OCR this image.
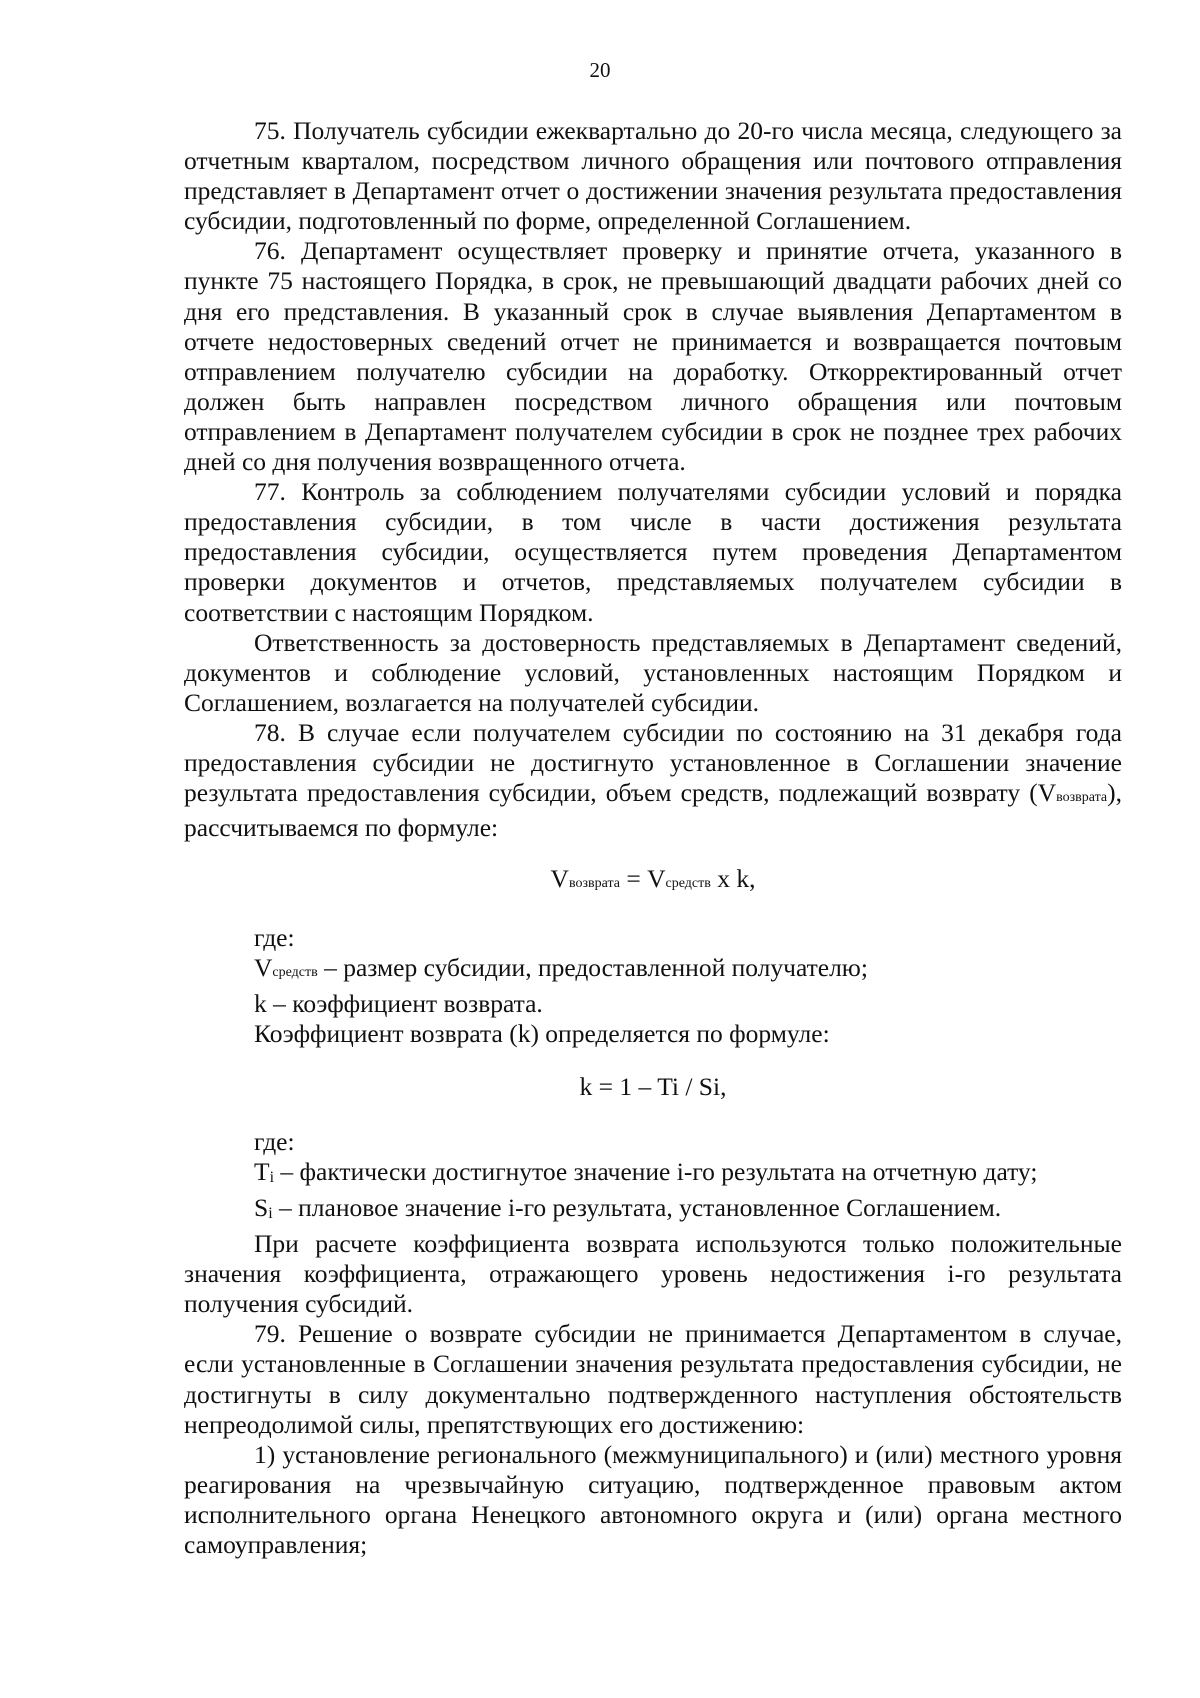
20

75. Получатель субсидии ежеквартально до 20-го числа месяца, следующего за отчетным кварталом, посредством личного обращения или почтового отправления представляет в Департамент отчет о достижении значения результата предоставления субсидии, подготовленный по форме, определенной Соглашением.

76. Департамент осуществляет проверку и принятие отчета, указанного в пункте 75 настоящего Порядка, в срок, не превышающий двадцати рабочих дней со дня его представления. В указанный срок в случае выявления Департаментом в отчете недостоверных сведений отчет не принимается и возвращается почтовым отправлением получателю субсидии на доработку. Откорректированный отчет должен быть направлен посредством личного обращения или почтовым отправлением в Департамент получателем субсидии в срок не позднее трех рабочих дней со дня получения возвращенного отчета.

77. Контроль за соблюдением получателями субсидии условий и порядка предоставления субсидии, в том числе в части достижения результата предоставления субсидии, осуществляется путем проведения Департаментом проверки документов и отчетов, представляемых получателем субсидии в соответствии с настоящим Порядком.

Ответственность за достоверность представляемых в Департамент сведений, документов и соблюдение условий, установленных настоящим Порядком и Соглашением, возлагается на получателей субсидии.

78. В случае если получателем субсидии по состоянию на 31 декабря года предоставления субсидии не достигнуто установленное в Соглашении значение результата предоставления субсидии, объем средств, подлежащий возврату (Vвозврата), рассчитываемся по формуле:

Vвозврата = Vсредств x k,

где:

Vсредств – размер субсидии, предоставленной получателю;

k – коэффициент возврата.

Коэффициент возврата (k) определяется по формуле:

k = 1 – Ti / Si,

где:

Ti – фактически достигнутое значение i-го результата на отчетную дату;

Si – плановое значение i-го результата, установленное Соглашением.

При расчете коэффициента возврата используются только положительные значения коэффициента, отражающего уровень недостижения i-го результата получения субсидий.

79. Решение о возврате субсидии не принимается Департаментом в случае, если установленные в Соглашении значения результата предоставления субсидии, не достигнуты в силу документально подтвержденного наступления обстоятельств непреодолимой силы, препятствующих его достижению:

1) установление регионального (межмуниципального) и (или) местного уровня реагирования на чрезвычайную ситуацию, подтвержденное правовым актом исполнительного органа Ненецкого автономного округа и (или) органа местного самоуправления;
